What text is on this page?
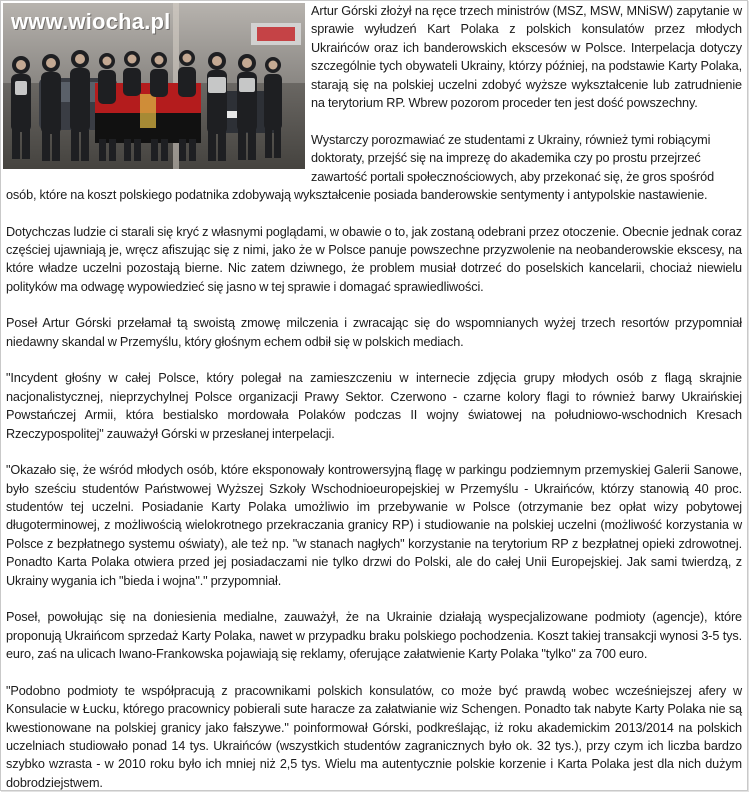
www.wiocha.pl	Artur Górski złożył na ręce trzech ministrów (MSZ, MSW, MNiSW) zapytanie w sprawie wyłudzeń Kart Polaka z polskich konsulatów przez młodych Ukraińców oraz ich banderowskich ekscesów w Polsce. Interpelacja dotyczy szczególnie tych obywateli Ukrainy, którzy później, na podstawie Karty Polaka, starają się na polskiej uczelni zdobyć wyższe wykształcenie lub zatrudnienie na terytorium RP. Wbrew pozorom proceder ten jest dość powszechny.

Wystarczy porozmawiać ze studentami z Ukrainy, również tymi robiącymi
doktoraty, przejść się na imprezę do akademika czy po prostu przejrzeć
zawartość portali społecznościowych, aby przekonać się, że gros spośród
osób, które na koszt polskiego podatnika zdobywają wykształcenie posiada banderowskie sentymenty i antypolskie nastawienie.

Dotychczas ludzie ci starali się kryć z własnymi poglądami, w obawie o to, jak zostaną odebrani przez otoczenie. Obecnie jednak coraz częściej ujawniają je, wręcz afiszując się z nimi, jako że w Polsce panuje powszechne przyzwolenie na neobanderowskie ekscesy, na które władze uczelni pozostają bierne. Nic zatem dziwnego, że problem musiał dotrzeć do poselskich kancelarii, chociaż niewielu polityków ma odwagę wypowiedzieć się jasno w tej sprawie i domagać sprawiedliwości.

Poseł Artur Górski przełamał tą swoistą zmowę milczenia i zwracając się do wspomnianych wyżej trzech resortów przypomniał niedawny skandal w Przemyślu, który głośnym echem odbił się w polskich mediach.

"Incydent głośny w całej Polsce, który polegał na zamieszczeniu w internecie zdjęcia grupy młodych osób z flagą skrajnie nacjonalistycznej, nieprzychylnej Polsce organizacji Prawy Sektor. Czerwono - czarne kolory flagi to również barwy Ukraińskiej Powstańczej Armii, która bestialsko mordowała Polaków podczas II wojny światowej na południowo-wschodnich Kresach Rzeczypospolitej" zauważył Górski w przesłanej interpelacji.

"Okazało się, że wśród młodych osób, które eksponowały kontrowersyjną flagę w parkingu podziemnym przemyskiej Galerii Sanowe, było sześciu studentów Państwowej Wyższej Szkoły Wschodnioeuropejskiej w Przemyślu - Ukraińców, którzy stanowią 40 proc. studentów tej uczelni. Posiadanie Karty Polaka umożliwio im przebywanie w Polsce (otrzymanie bez opłat wizy pobytowej długoterminowej, z możliwością wielokrotnego przekraczania granicy RP) i studiowanie na polskiej uczelni (możliwość korzystania w Polsce z bezpłatnego systemu oświaty), ale też np. "w stanach nagłych" korzystanie na terytorium RP z bezpłatnej opieki zdrowotnej. Ponadto Karta Polaka otwiera przed jej posiadaczami nie tylko drzwi do Polski, ale do całej Unii Europejskiej. Jak sami twierdzą, z Ukrainy wygania ich "bieda i wojna"." przypomniał.

Poseł, powołując się na doniesienia medialne, zauważył, że na Ukrainie działają wyspecjalizowane podmioty (agencje), które proponują Ukraińcom sprzedaż Karty Polaka, nawet w przypadku braku polskiego pochodzenia. Koszt takiej transakcji wynosi 3-5 tys. euro, zaś na ulicach Iwano-Frankowska pojawiają się reklamy, oferujące załatwienie Karty Polaka "tylko" za 700 euro.

"Podobno podmioty te współpracują z pracownikami polskich konsulatów, co może być prawdą wobec wcześniejszej afery w Konsulacie w Łucku, którego pracownicy pobierali sute haracze za załatwianie wiz Schengen. Ponadto tak nabyte Karty Polaka nie są kwestionowane na polskiej granicy jako fałszywe." poinformował Górski, podkreślając, iż roku akademickim 2013/2014 na polskich uczelniach studiowało ponad 14 tys. Ukraińców (wszystkich studentów zagranicznych było ok. 32 tys.), przy czym ich liczba bardzo szybko wzrasta - w 2010 roku było ich mniej niż 2,5 tys. Wielu ma autentycznie polskie korzenie i Karta Polaka jest dla nich dużym dobrodziejstwem.
